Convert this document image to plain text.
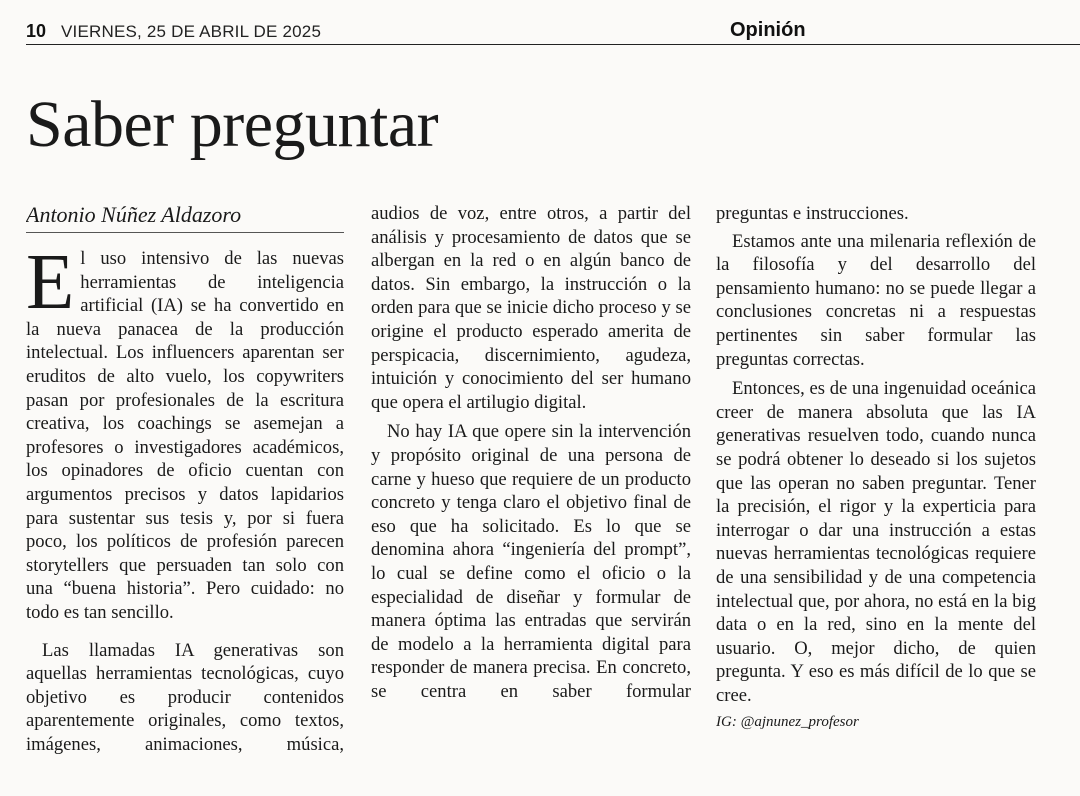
10 VIERNES, 25 DE ABRIL DE 2025	Opinión
Saber preguntar
Antonio Núñez Aldazoro

El uso intensivo de las nuevas herramientas de inteligencia artificial (IA) se ha convertido en la nueva panacea de la producción intelectual. Los influencers aparentan ser eruditos de alto vuelo, los copywriters pasan por profesionales de la escritura creativa, los coachings se asemejan a profesores o investigadores académicos, los opinadores de oficio cuentan con argumentos precisos y datos lapidarios para sustentar sus tesis y, por si fuera poco, los políticos de profesión parecen storytellers que persuaden tan solo con una “buena historia”. Pero cuidado: no todo es tan sencillo.

Las llamadas IA generativas son aquellas herramientas tecnológicas, cuyo objetivo es producir contenidos aparentemente originales, como textos, imágenes, animaciones, música,

audios de voz, entre otros, a partir del análisis y procesamiento de datos que se albergan en la red o en algún banco de datos. Sin embargo, la instrucción o la orden para que se inicie dicho proceso y se origine el producto esperado amerita de perspicacia, discernimiento, agudeza, intuición y conocimiento del ser humano que opera el artilugio digital.

No hay IA que opere sin la intervención y propósito original de una persona de carne y hueso que requiere de un producto concreto y tenga claro el objetivo final de eso que ha solicitado. Es lo que se denomina ahora “ingeniería del prompt”, lo cual se define como el oficio o la especialidad de diseñar y formular de manera óptima las entradas que servirán de modelo a la herramienta digital para responder de manera precisa. En concreto, se centra en saber formular

preguntas e instrucciones.

Estamos ante una milenaria reflexión de la filosofía y del desarrollo del pensamiento humano: no se puede llegar a conclusiones concretas ni a respuestas pertinentes sin saber formular las preguntas correctas.

Entonces, es de una ingenuidad oceánica creer de manera absoluta que las IA generativas resuelven todo, cuando nunca se podrá obtener lo deseado si los sujetos que las operan no saben preguntar. Tener la precisión, el rigor y la experticia para interrogar o dar una instrucción a estas nuevas herramientas tecnológicas requiere de una sensibilidad y de una competencia intelectual que, por ahora, no está en la big data o en la red, sino en la mente del usuario. O, mejor dicho, de quien pregunta. Y eso es más difícil de lo que se cree.

IG: @ajnunez_profesor
